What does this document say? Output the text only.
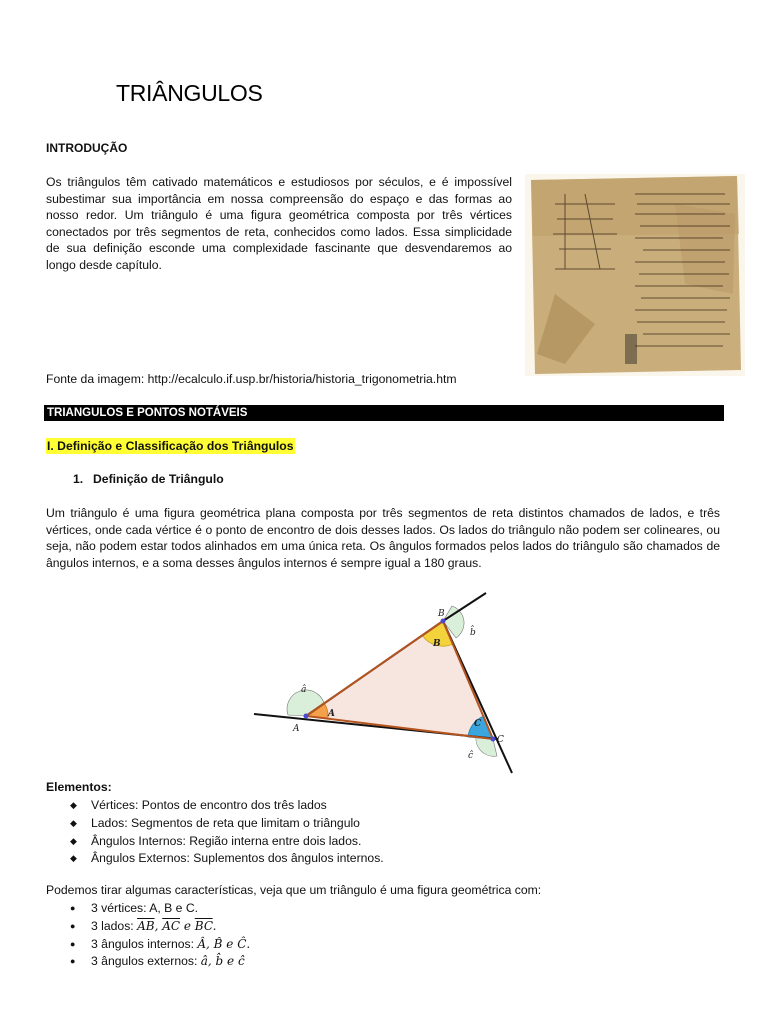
TRIÂNGULOS
INTRODUÇÃO
Os triângulos têm cativado matemáticos e estudiosos por séculos, e é impossível subestimar sua importância em nossa compreensão do espaço e das formas ao nosso redor. Um triângulo é uma figura geométrica composta por três vértices conectados por três segmentos de reta, conhecidos como lados. Essa simplicidade de sua definição esconde uma complexidade fascinante que desvendaremos ao longo desde capítulo.
Fonte da imagem: http://ecalculo.if.usp.br/historia/historia_trigonometria.htm
TRIANGULOS E PONTOS NOTÁVEIS
I. Definição e Classificação dos Triângulos
1. Definição de Triângulo
Um triângulo é uma figura geométrica plana composta por três segmentos de reta distintos chamados de lados, e três vértices, onde cada vértice é o ponto de encontro de dois desses lados. Os lados do triângulo não podem ser colineares, ou seja, não podem estar todos alinhados em uma única reta. Os ângulos formados pelos lados do triângulo são chamados de ângulos internos, e a soma desses ângulos internos é sempre igual a 180 graus.
A
B
C
A
B
C
â
b̂
ĉ
Elementos:
◆ Vértices: Pontos de encontro dos três lados
◆ Lados: Segmentos de reta que limitam o triângulo
◆ Ângulos Internos: Região interna entre dois lados.
◆ Ângulos Externos: Suplementos dos ângulos internos.
Podemos tirar algumas características, veja que um triângulo é uma figura geométrica com:
● 3 vértices: A, B e C.
● 3 lados: $\overline{AB}$, $\overline{AC}$ e $\overline{BC}$.
● 3 ângulos internos: Â, B̂ e Ĉ.
● 3 ângulos externos: â, b̂ e ĉ
